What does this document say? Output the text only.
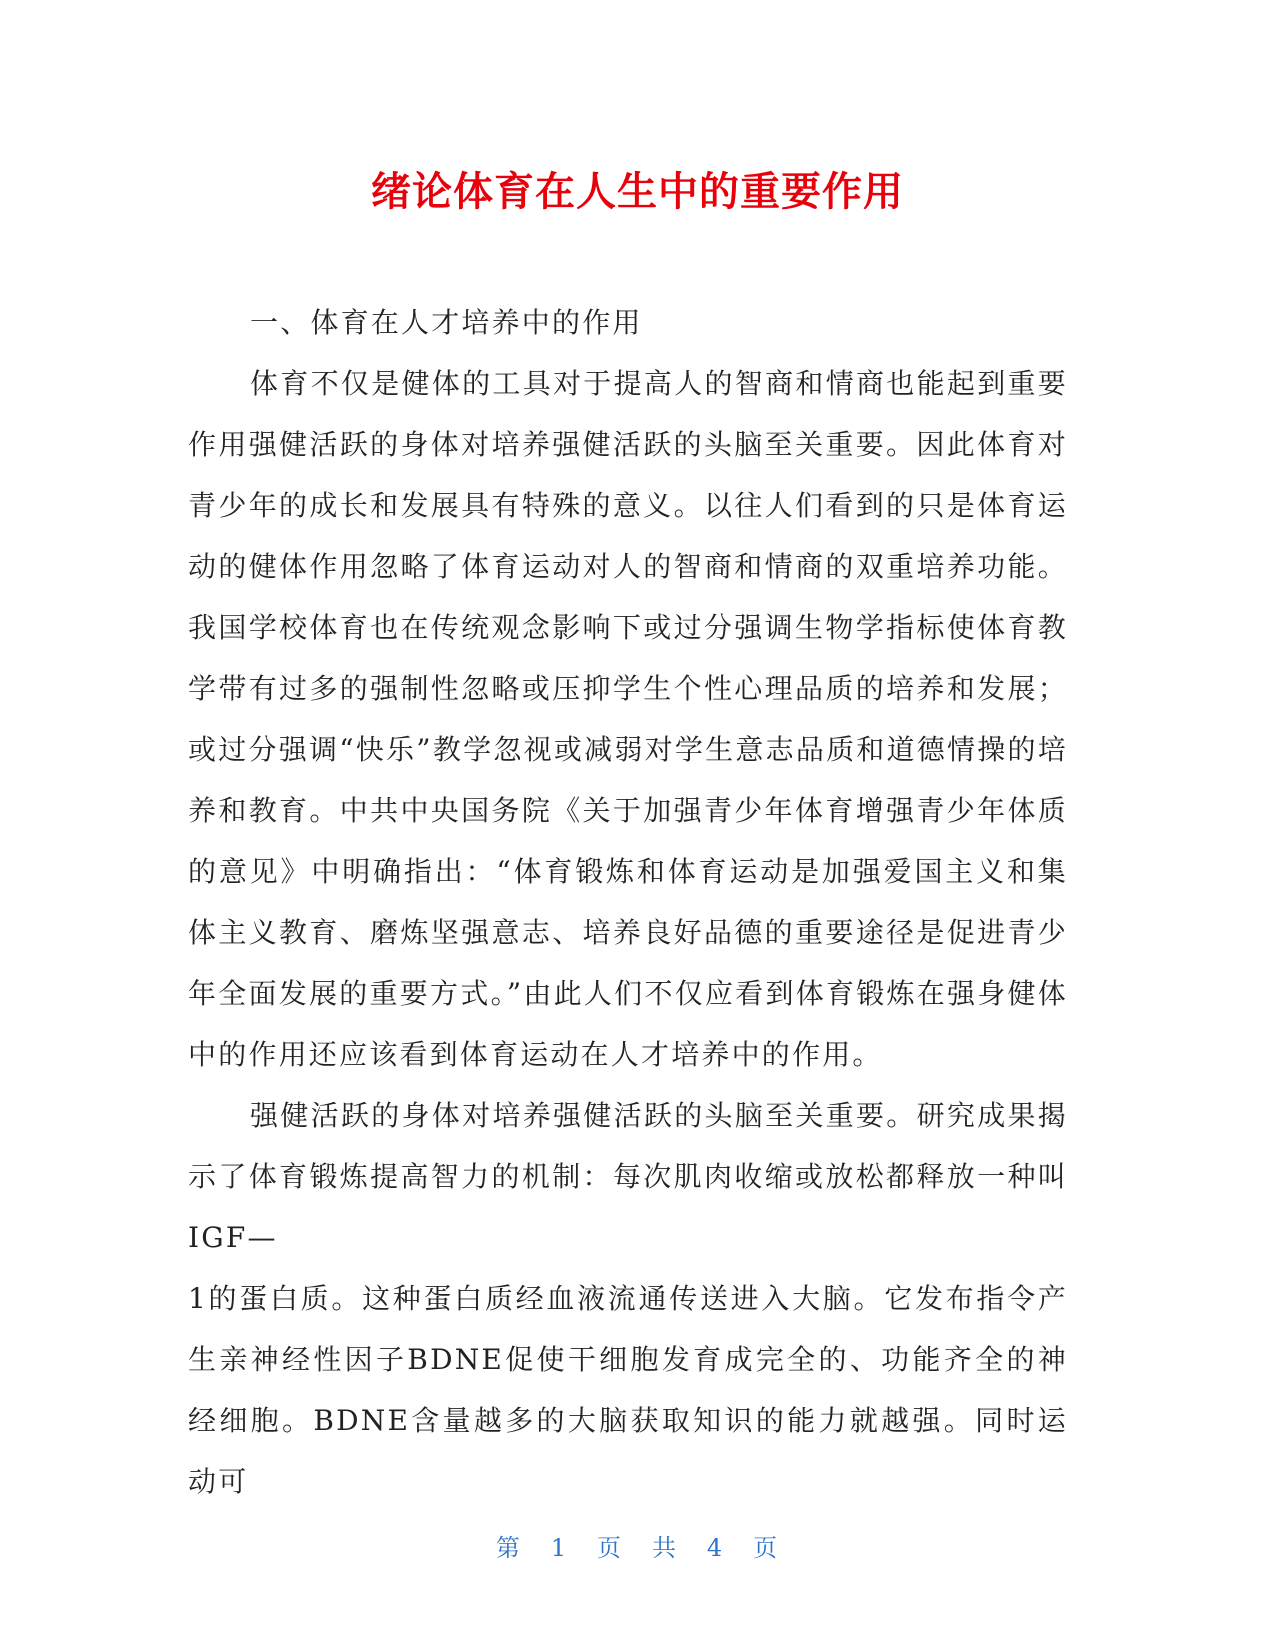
绪论体育在人生中的重要作用

一、体育在人才培养中的作用

体育不仅是健体的工具对于提高人的智商和情商也能起到重要作用强健活跃的身体对培养强健活跃的头脑至关重要。因此体育对青少年的成长和发展具有特殊的意义。以往人们看到的只是体育运动的健体作用忽略了体育运动对人的智商和情商的双重培养功能。我国学校体育也在传统观念影响下或过分强调生物学指标使体育教学带有过多的强制性忽略或压抑学生个性心理品质的培养和发展；或过分强调“快乐”教学忽视或减弱对学生意志品质和道德情操的培养和教育。中共中央国务院《关于加强青少年体育增强青少年体质的意见》中明确指出：“体育锻炼和体育运动是加强爱国主义和集体主义教育、磨炼坚强意志、培养良好品德的重要途径是促进青少年全面发展的重要方式。”由此人们不仅应看到体育锻炼在强身健体中的作用还应该看到体育运动在人才培养中的作用。

强健活跃的身体对培养强健活跃的头脑至关重要。研究成果揭示了体育锻炼提高智力的机制：每次肌肉收缩或放松都释放一种叫IGF—

1的蛋白质。这种蛋白质经血液流通传送进入大脑。它发布指令产生亲神经性因子BDNE促使干细胞发育成完全的、功能齐全的神经细胞。BDNE含量越多的大脑获取知识的能力就越强。同时运动可

第 1 页 共 4 页
